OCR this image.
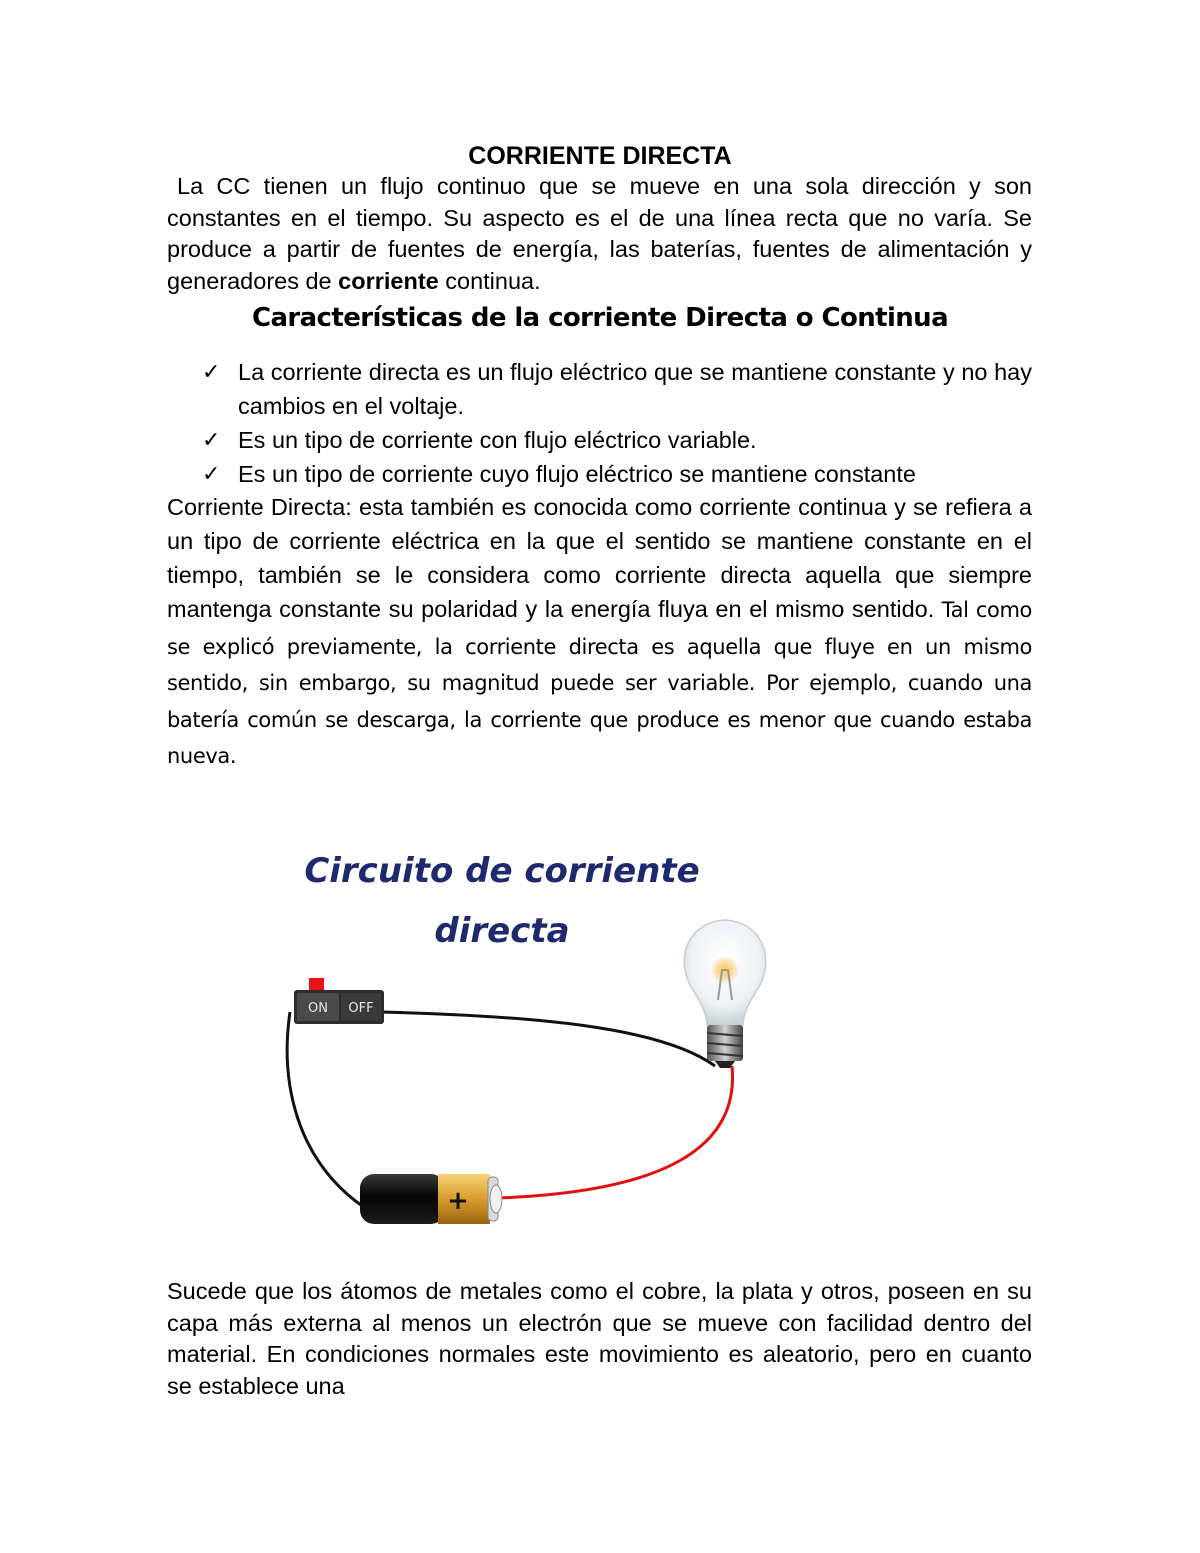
CORRIENTE DIRECTA

La CC tienen un flujo continuo que se mueve en una sola dirección y son constantes en el tiempo. Su aspecto es el de una línea recta que no varía. Se produce a partir de fuentes de energía, las baterías, fuentes de alimentación y generadores de corriente continua.

Características de la corriente Directa o Continua
✓ La corriente directa es un flujo eléctrico que se mantiene constante y no hay cambios en el voltaje.
✓ Es un tipo de corriente con flujo eléctrico variable.
✓ Es un tipo de corriente cuyo flujo eléctrico se mantiene constante

Corriente Directa: esta también es conocida como corriente continua y se refiera a un tipo de corriente eléctrica en la que el sentido se mantiene constante en el tiempo, también se le considera como corriente directa aquella que siempre mantenga constante su polaridad y la energía fluya en el mismo sentido. Tal como se explicó previamente, la corriente directa es aquella que fluye en un mismo sentido, sin embargo, su magnitud puede ser variable. Por ejemplo, cuando una batería común se descarga, la corriente que produce es menor que cuando estaba nueva.

Circuito de corriente
directa
ON OFF
+

Sucede que los átomos de metales como el cobre, la plata y otros, poseen en su capa más externa al menos un electrón que se mueve con facilidad dentro del material. En condiciones normales este movimiento es aleatorio, pero en cuanto se establece una
